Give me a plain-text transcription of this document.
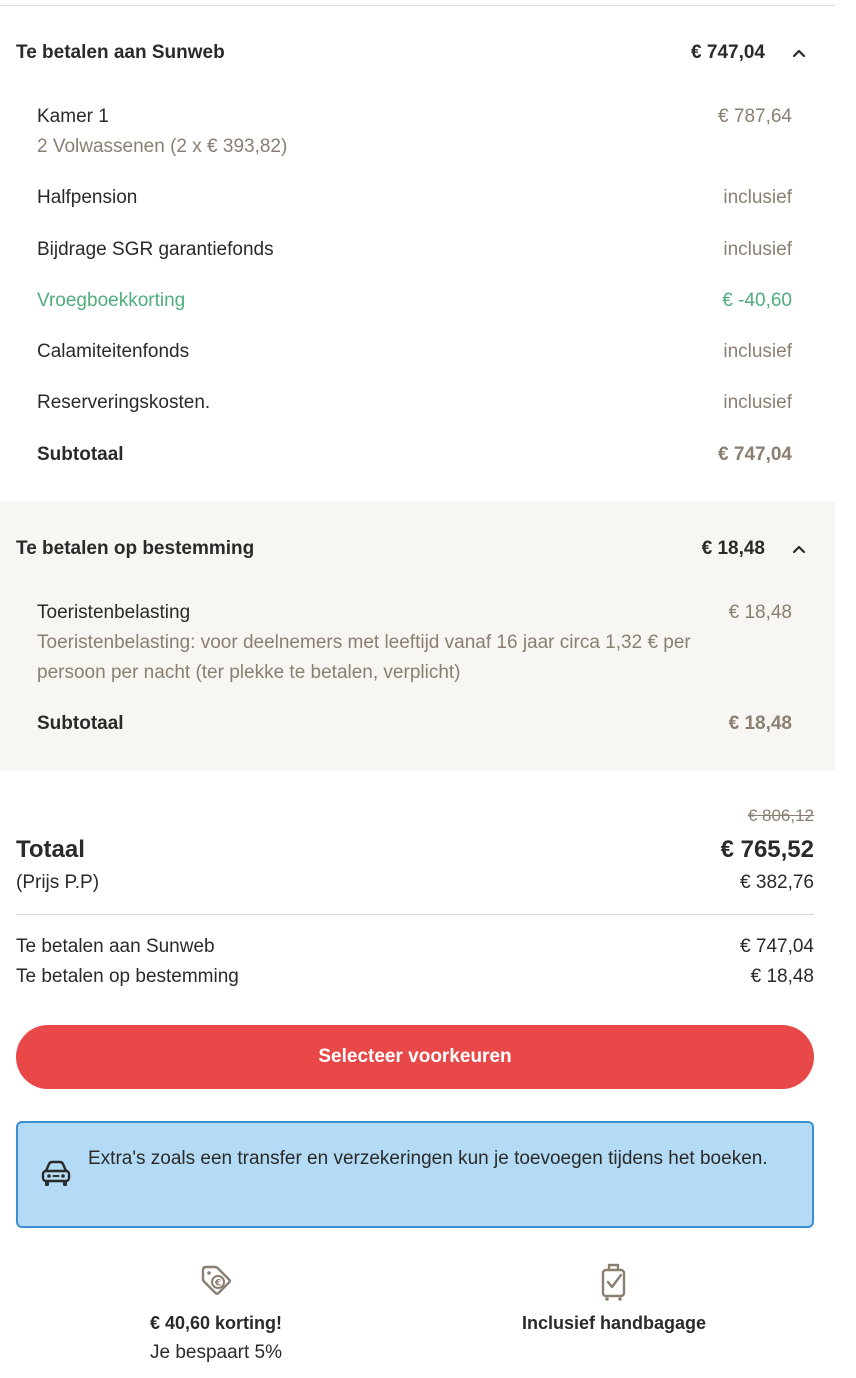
Te betalen aan Sunweb	€ 747,04
Kamer 1	€ 787,64
2 Volwassenen (2 x € 393,82)
Halfpension	inclusief
Bijdrage SGR garantiefonds	inclusief
Vroegboekkorting	€ -40,60
Calamiteitenfonds	inclusief
Reserveringskosten.	inclusief
Subtotaal	€ 747,04
Te betalen op bestemming	€ 18,48
Toeristenbelasting	€ 18,48
Toeristenbelasting: voor deelnemers met leeftijd vanaf 16 jaar circa 1,32 € per
persoon per nacht (ter plekke te betalen, verplicht)
Subtotaal	€ 18,48
€ 806,12
Totaal	€ 765,52
(Prijs P.P)	€ 382,76
Te betalen aan Sunweb	€ 747,04
Te betalen op bestemming	€ 18,48
Selecteer voorkeuren
Extra's zoals een transfer en verzekeringen kun je toevoegen tijdens het boeken.
€
€ 40,60 korting!
Je bespaart 5%
Inclusief handbagage
